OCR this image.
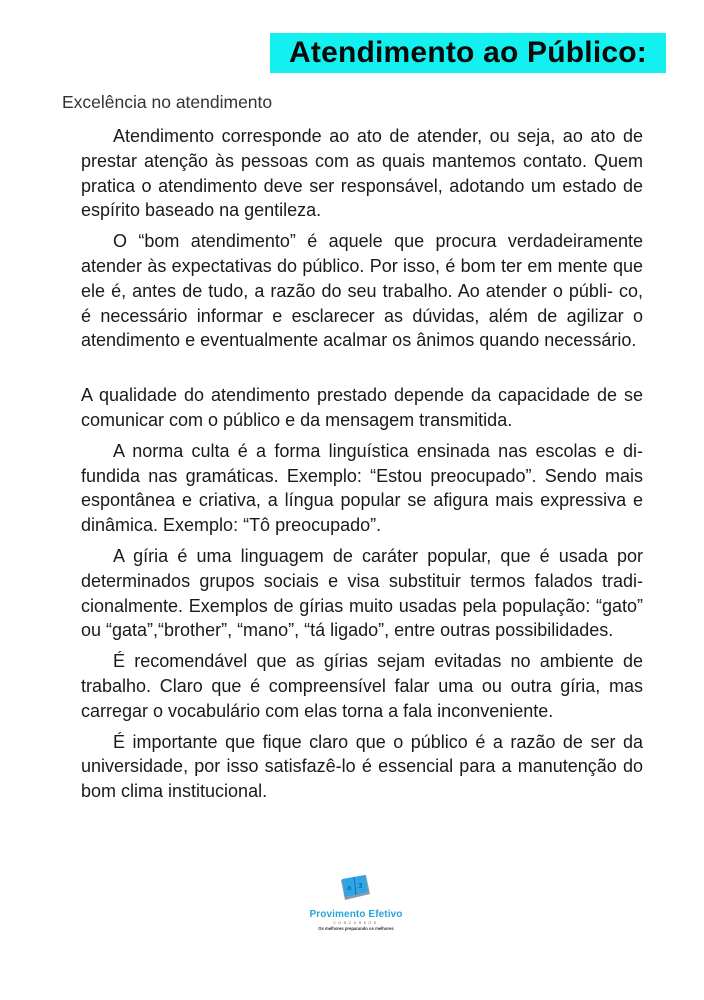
Atendimento ao Público:
Excelência no atendimento

Atendimento corresponde ao ato de atender, ou seja, ao ato de prestar atenção às pessoas com as quais mantemos contato. Quem pratica o atendimento deve ser responsável, adotando um estado de espírito baseado na gentileza.

O “bom atendimento” é aquele que procura verdadeiramente atender às expectativas do público. Por isso, é bom ter em mente que ele é, antes de tudo, a razão do seu trabalho. Ao atender o públi- co, é necessário informar e esclarecer as dúvidas, além de agilizar o atendimento e eventualmente acalmar os ânimos quando necessário.

A qualidade do atendimento prestado depende da capacidade de se comunicar com o público e da mensagem transmitida.

A norma culta é a forma linguística ensinada nas escolas e di- fundida nas gramáticas. Exemplo: “Estou preocupado”. Sendo mais espontânea e criativa, a língua popular se afigura mais expressiva e dinâmica. Exemplo: “Tô preocupado”.

A gíria é uma linguagem de caráter popular, que é usada por determinados grupos sociais e visa substituir termos falados tradi- cionalmente. Exemplos de gírias muito usadas pela população: “gato” ou “gata”,“brother”, “mano”, “tá ligado”, entre outras possibilidades.

É recomendável que as gírias sejam evitadas no ambiente de trabalho. Claro que é compreensível falar uma ou outra gíria, mas carregar o vocabulário com elas torna a fala inconveniente.

É importante que fique claro que o público é a razão de ser da universidade, por isso satisfazê-lo é essencial para a manutenção do bom clima institucional.

a 3
Provimento Efetivo
CONCURSOS
Os melhores preparando os melhores
